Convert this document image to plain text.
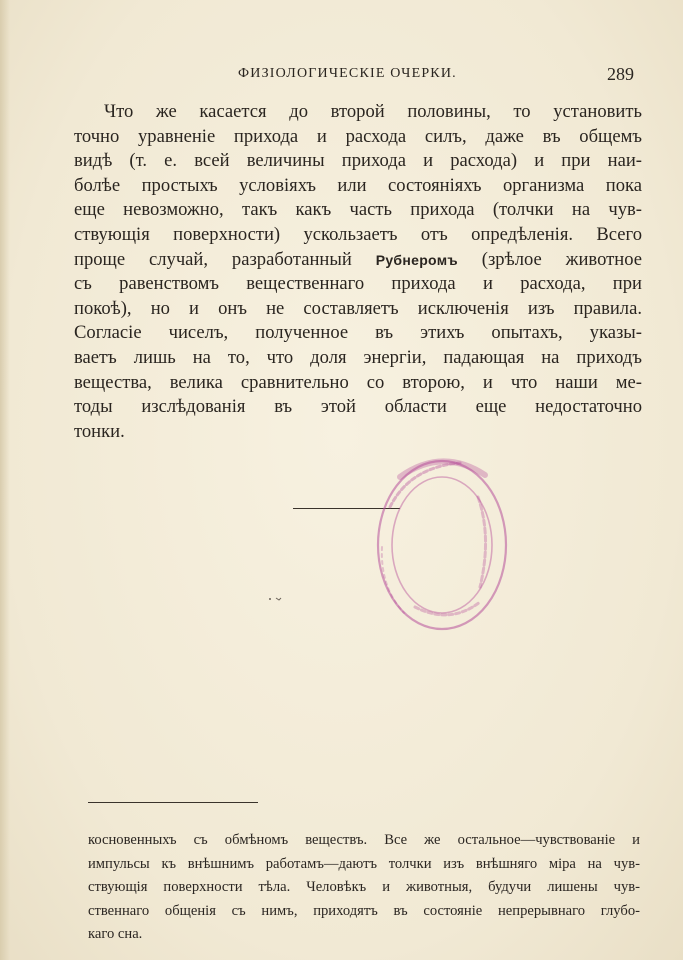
ФИЗІОЛОГИЧЕСКІЕ ОЧЕРКИ.	289
Что же касается до второй половины, то установить
точно уравненіе прихода и расхода силъ, даже въ общемъ
видѣ (т. е. всей величины прихода и расхода) и при наи-
болѣе простыхъ условіяхъ или состояніяхъ организма пока
еще невозможно, такъ какъ часть прихода (толчки на чув-
ствующія поверхности) ускользаетъ отъ опредѣленія. Всего
проще случай, разработанный Рубнеромъ (зрѣлое животное
съ равенствомъ вещественнаго прихода и расхода, при
покоѣ), но и онъ не составляетъ исключенія изъ правила.
Согласіе чиселъ, полученное въ этихъ опытахъ, указы-
ваетъ лишь на то, что доля энергіи, падающая на приходъ
вещества, велика сравнительно со второю, и что наши ме-
тоды изслѣдованія въ этой области еще недостаточно
тонки.
косновенныхъ съ обмѣномъ веществъ. Все же остальное—чувствованіе и
импульсы къ внѣшнимъ работамъ—даютъ толчки изъ внѣшняго міра на чув-
ствующія поверхности тѣла. Человѣкъ и животныя, будучи лишены чув-
ственнаго общенія съ нимъ, приходятъ въ состояніе непрерывнаго глубо-
каго сна.
